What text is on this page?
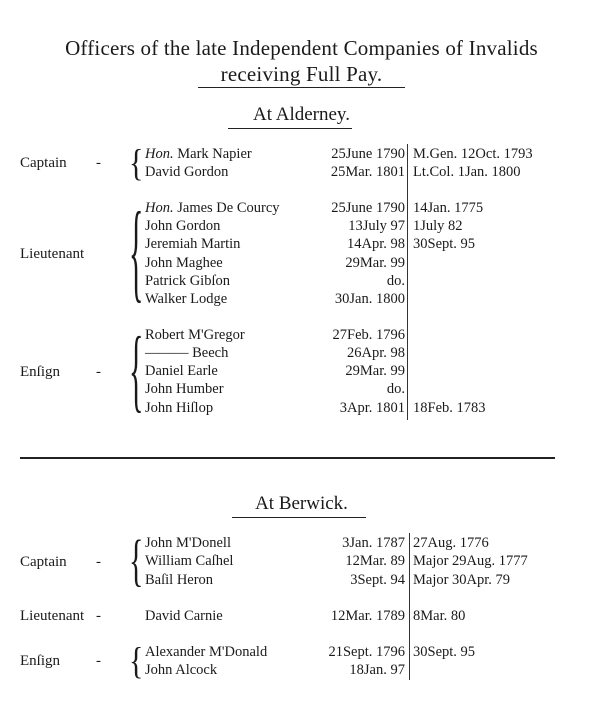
Officers of the late Independent Companies of Invalids
receiving Full Pay.
At Alderney.
Captain - { Hon. Mark Napier	25June 1790 M.Gen. 12Oct. 1793
David Gordon	25Mar. 1801 Lt.Col. 1Jan. 1800
Lieutenant { Hon. James De Courcy	25June 1790 14Jan. 1775
John Gordon	13July 97 1July 82
Jeremiah Martin	14Apr. 98 30Sept. 95
John Maghee	29Mar. 99
Patrick Gibſon	do.
Walker Lodge	30Jan. 1800
Enſign - { Robert M'Gregor	27Feb. 1796
——— Beech	26Apr. 98
Daniel Earle	29Mar. 99
John Humber	do.
John Hiſlop	3Apr. 1801 18Feb. 1783
At Berwick.
Captain - { John M'Donell	3Jan. 1787 27Aug. 1776
William Caſhel	12Mar. 89 Major 29Aug. 1777
Baſil Heron	3Sept. 94 Major 30Apr. 79
Lieutenant -	David Carnie	12Mar. 1789 8Mar. 80
Enſign - { Alexander M'Donald	21Sept. 1796 30Sept. 95
John Alcock	18Jan. 97
